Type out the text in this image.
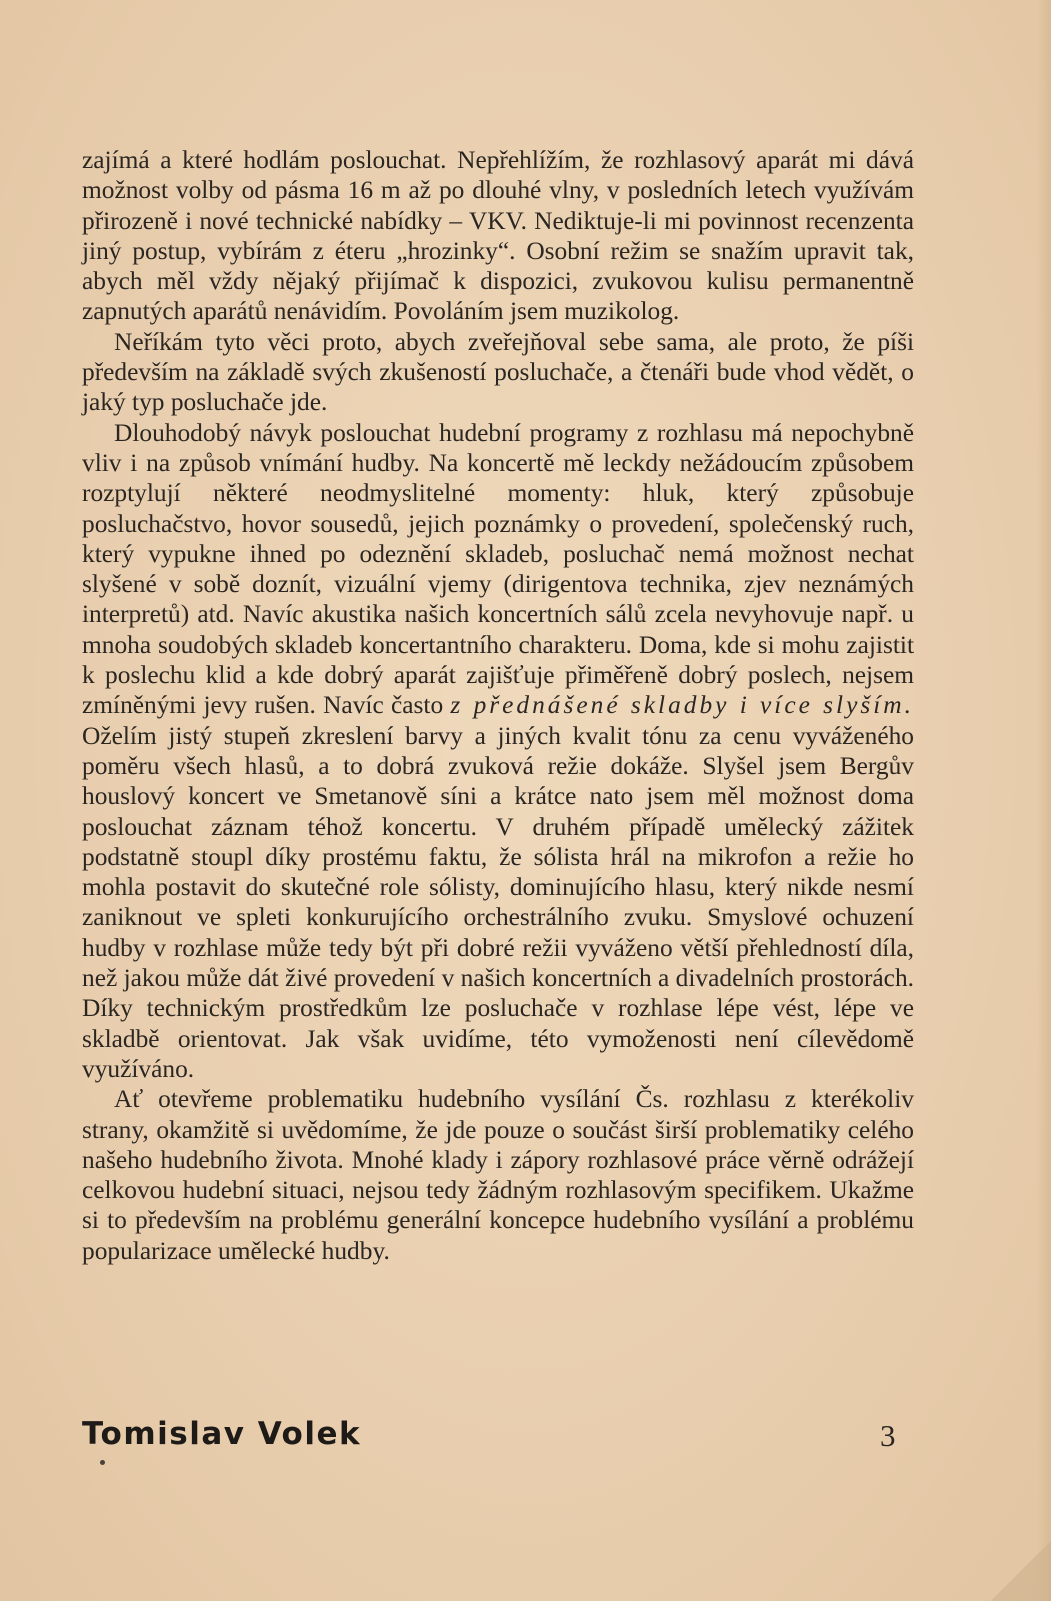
zajímá a které hodlám poslouchat. Nepřehlížím, že rozhlasový aparát mi dává možnost volby od pásma 16 m až po dlouhé vlny, v posledních letech využívám přirozeně i nové technické nabídky – VKV. Nediktuje-li mi povinnost recenzenta jiný postup, vybírám z éteru „hrozinky“. Osobní režim se snažím upravit tak, abych měl vždy nějaký přijímač k dispozici, zvukovou kulisu permanentně zapnutých aparátů nenávidím. Povoláním jsem muzikolog.

Neříkám tyto věci proto, abych zveřejňoval sebe sama, ale proto, že píši především na základě svých zkušeností posluchače, a čtenáři bude vhod vědět, o jaký typ posluchače jde.

Dlouhodobý návyk poslouchat hudební programy z rozhlasu má nepochybně vliv i na způsob vnímání hudby. Na koncertě mě leckdy nežádoucím způsobem rozptylují některé neodmyslitelné momenty: hluk, který způsobuje posluchačstvo, hovor sousedů, jejich poznámky o provedení, společenský ruch, který vypukne ihned po odeznění skladeb, posluchač nemá možnost nechat slyšené v sobě doznít, vizuální vjemy (dirigentova technika, zjev neznámých interpretů) atd. Navíc akustika našich koncertních sálů zcela nevyhovuje např. u mnoha soudobých skladeb koncertantního charakteru. Doma, kde si mohu zajistit k poslechu klid a kde dobrý aparát zajišťuje přiměřeně dobrý poslech, nejsem zmíněnými jevy rušen. Navíc často z přednášené skladby i více slyším. Oželím jistý stupeň zkreslení barvy a jiných kvalit tónu za cenu vyváženého poměru všech hlasů, a to dobrá zvuková režie dokáže. Slyšel jsem Bergův houslový koncert ve Smetanově síni a krátce nato jsem měl možnost doma poslouchat záznam téhož koncertu. V druhém případě umělecký zážitek podstatně stoupl díky prostému faktu, že sólista hrál na mikrofon a režie ho mohla postavit do skutečné role sólisty, dominujícího hlasu, který nikde nesmí zaniknout ve spleti konkurujícího orchestrálního zvuku. Smyslové ochuzení hudby v rozhlase může tedy být při dobré režii vyváženo větší přehledností díla, než jakou může dát živé provedení v našich koncertních a divadelních prostorách. Díky technickým prostředkům lze posluchače v rozhlase lépe vést, lépe ve skladbě orientovat. Jak však uvidíme, této vymoženosti není cílevědomě využíváno.

Ať otevřeme problematiku hudebního vysílání Čs. rozhlasu z kterékoliv strany, okamžitě si uvědomíme, že jde pouze o součást širší problematiky celého našeho hudebního života. Mnohé klady i zápory rozhlasové práce věrně odrážejí celkovou hudební situaci, nejsou tedy žádným rozhlasovým specifikem. Ukažme si to především na problému generální koncepce hudebního vysílání a problému popularizace umělecké hudby.

Tomislav Volek	3
